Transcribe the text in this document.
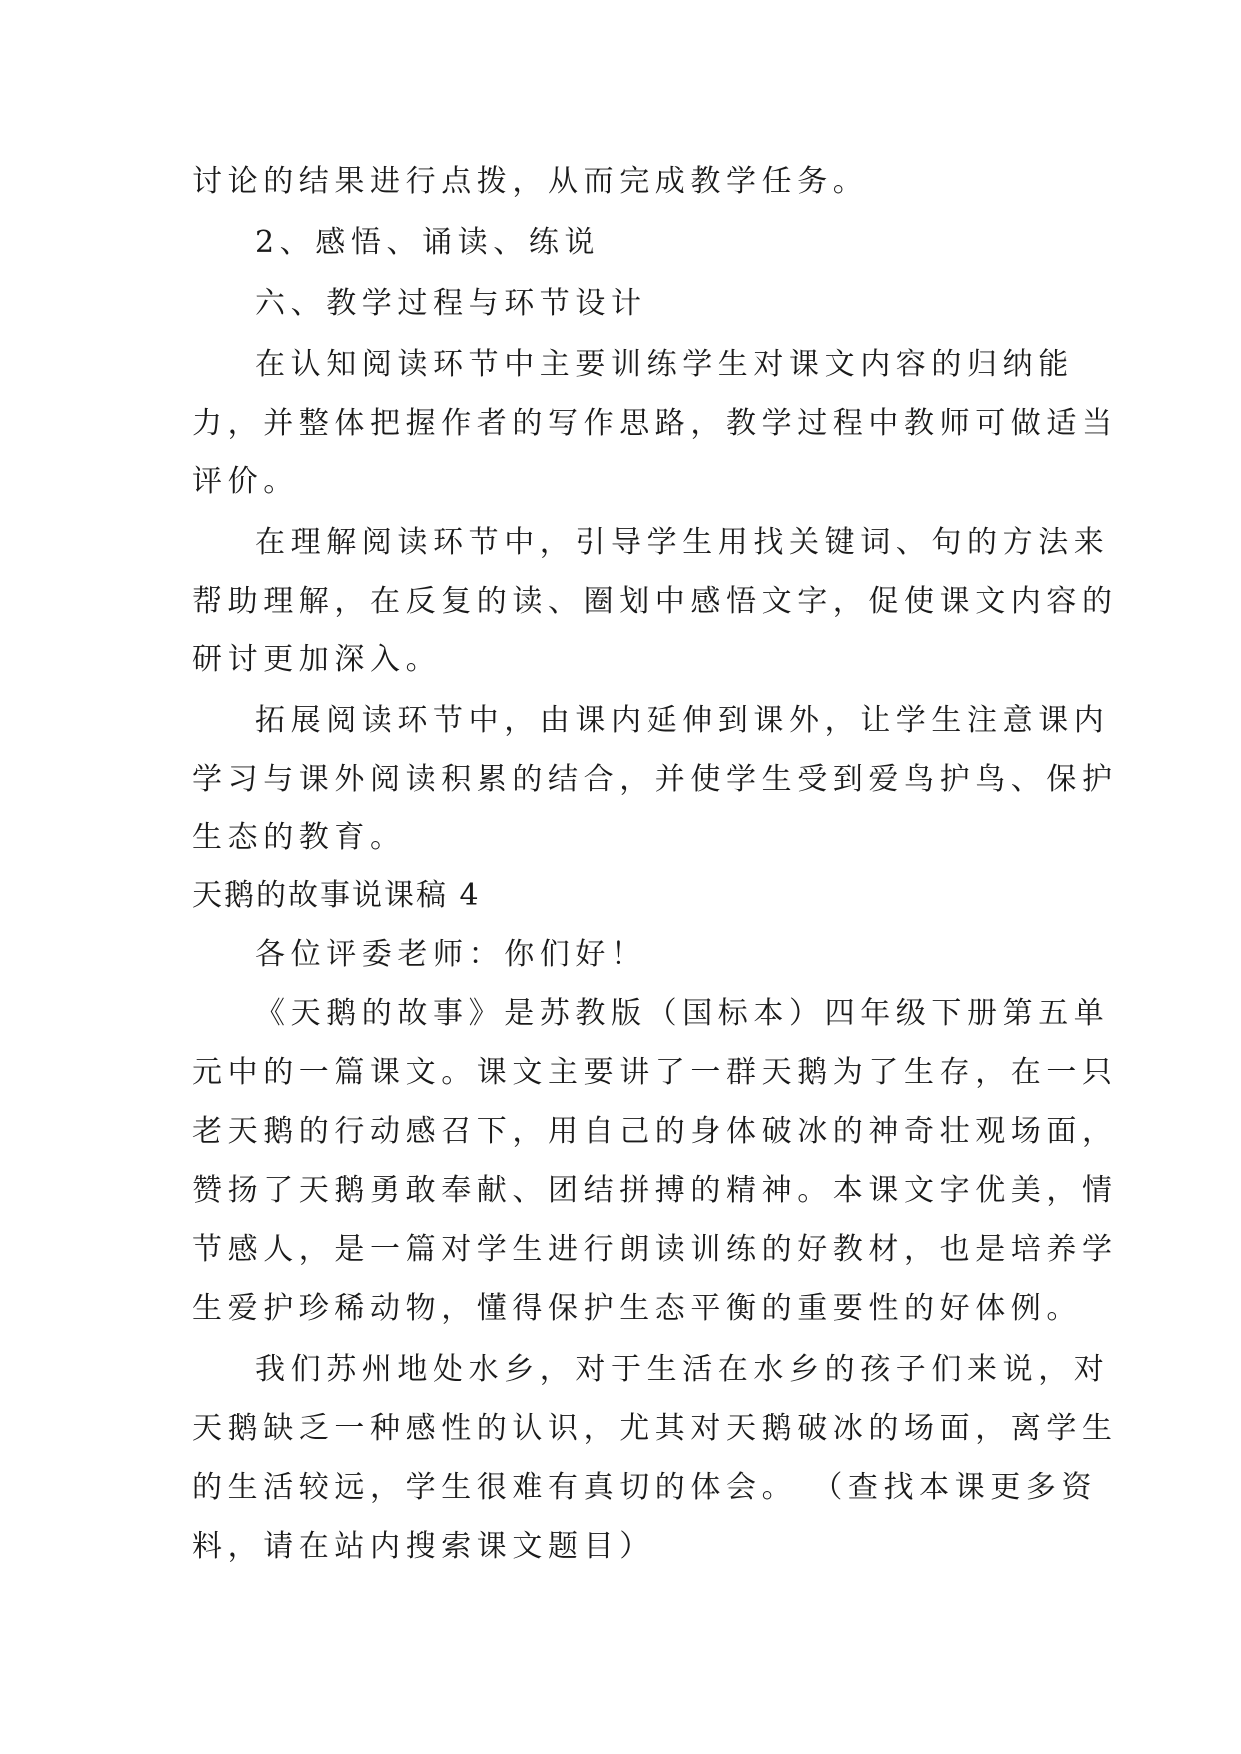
讨论的结果进行点拨，从而完成教学任务。

2、感悟、诵读、练说

六、教学过程与环节设计

在认知阅读环节中主要训练学生对课文内容的归纳能

力，并整体把握作者的写作思路，教学过程中教师可做适当

评价。

在理解阅读环节中，引导学生用找关键词、句的方法来

帮助理解，在反复的读、圈划中感悟文字，促使课文内容的

研讨更加深入。

拓展阅读环节中，由课内延伸到课外，让学生注意课内

学习与课外阅读积累的结合，并使学生受到爱鸟护鸟、保护

生态的教育。

天鹅的故事说课稿 4

各位评委老师：你们好！

《天鹅的故事》是苏教版（国标本）四年级下册第五单

元中的一篇课文。课文主要讲了一群天鹅为了生存，在一只

老天鹅的行动感召下，用自己的身体破冰的神奇壮观场面，

赞扬了天鹅勇敢奉献、团结拼搏的精神。本课文字优美，情

节感人，是一篇对学生进行朗读训练的好教材，也是培养学

生爱护珍稀动物，懂得保护生态平衡的重要性的好体例。

我们苏州地处水乡，对于生活在水乡的孩子们来说，对

天鹅缺乏一种感性的认识，尤其对天鹅破冰的场面，离学生

的生活较远，学生很难有真切的体会。 （查找本课更多资

料，请在站内搜索课文题目）
